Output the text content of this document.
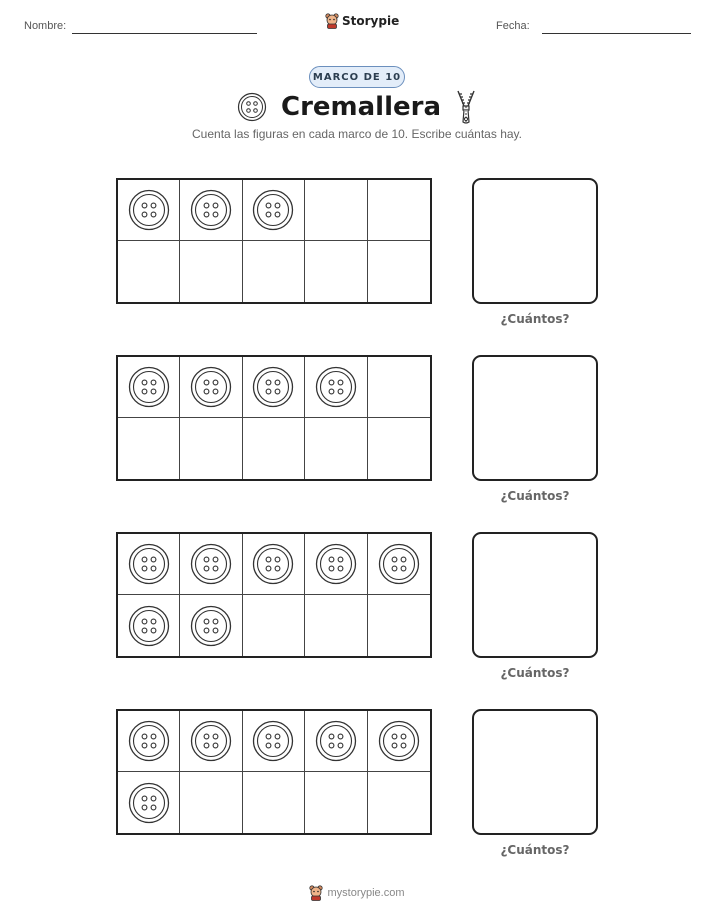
Nombre:	Storypie	Fecha:
MARCO DE 10
Cremallera
Cuenta las figuras en cada marco de 10. Escribe cuántas hay.
¿Cuántos?
¿Cuántos?
¿Cuántos?
¿Cuántos?
mystorypie.com
